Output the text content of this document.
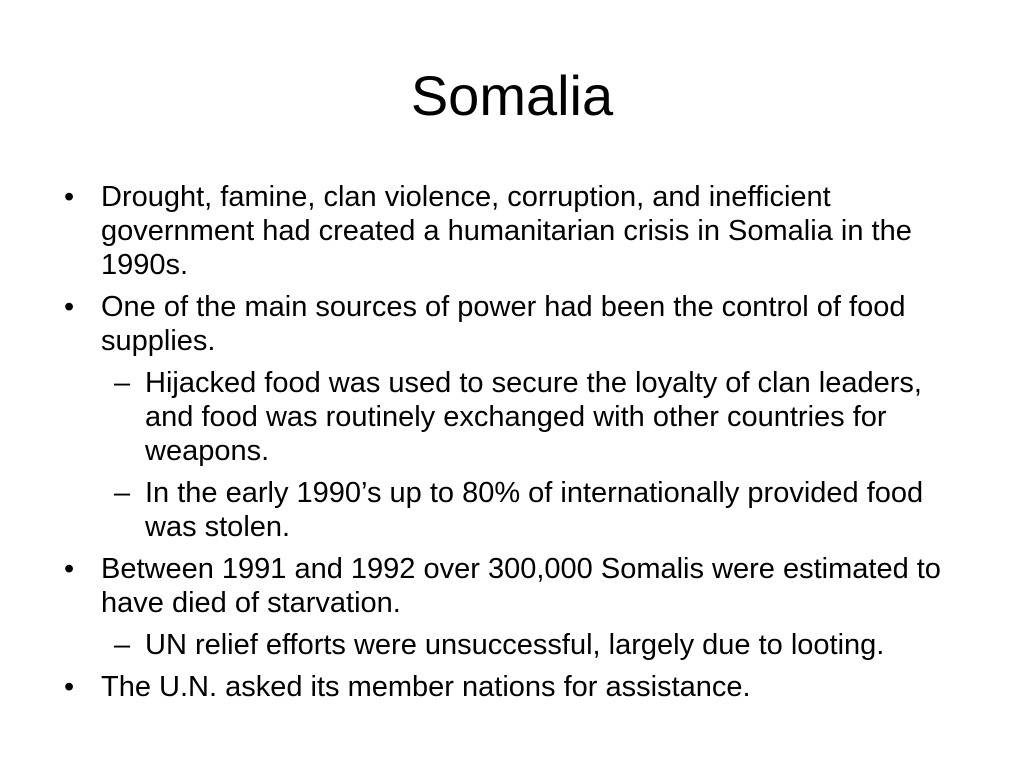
Somalia
• Drought, famine, clan violence, corruption, and inefficient government had created a humanitarian crisis in Somalia in the 1990s.
• One of the main sources of power had been the control of food supplies.
– Hijacked food was used to secure the loyalty of clan leaders, and food was routinely exchanged with other countries for weapons.
– In the early 1990’s up to 80% of internationally provided food was stolen.
• Between 1991 and 1992 over 300,000 Somalis were estimated to have died of starvation.
– UN relief efforts were unsuccessful, largely due to looting.
• The U.N. asked its member nations for assistance.
